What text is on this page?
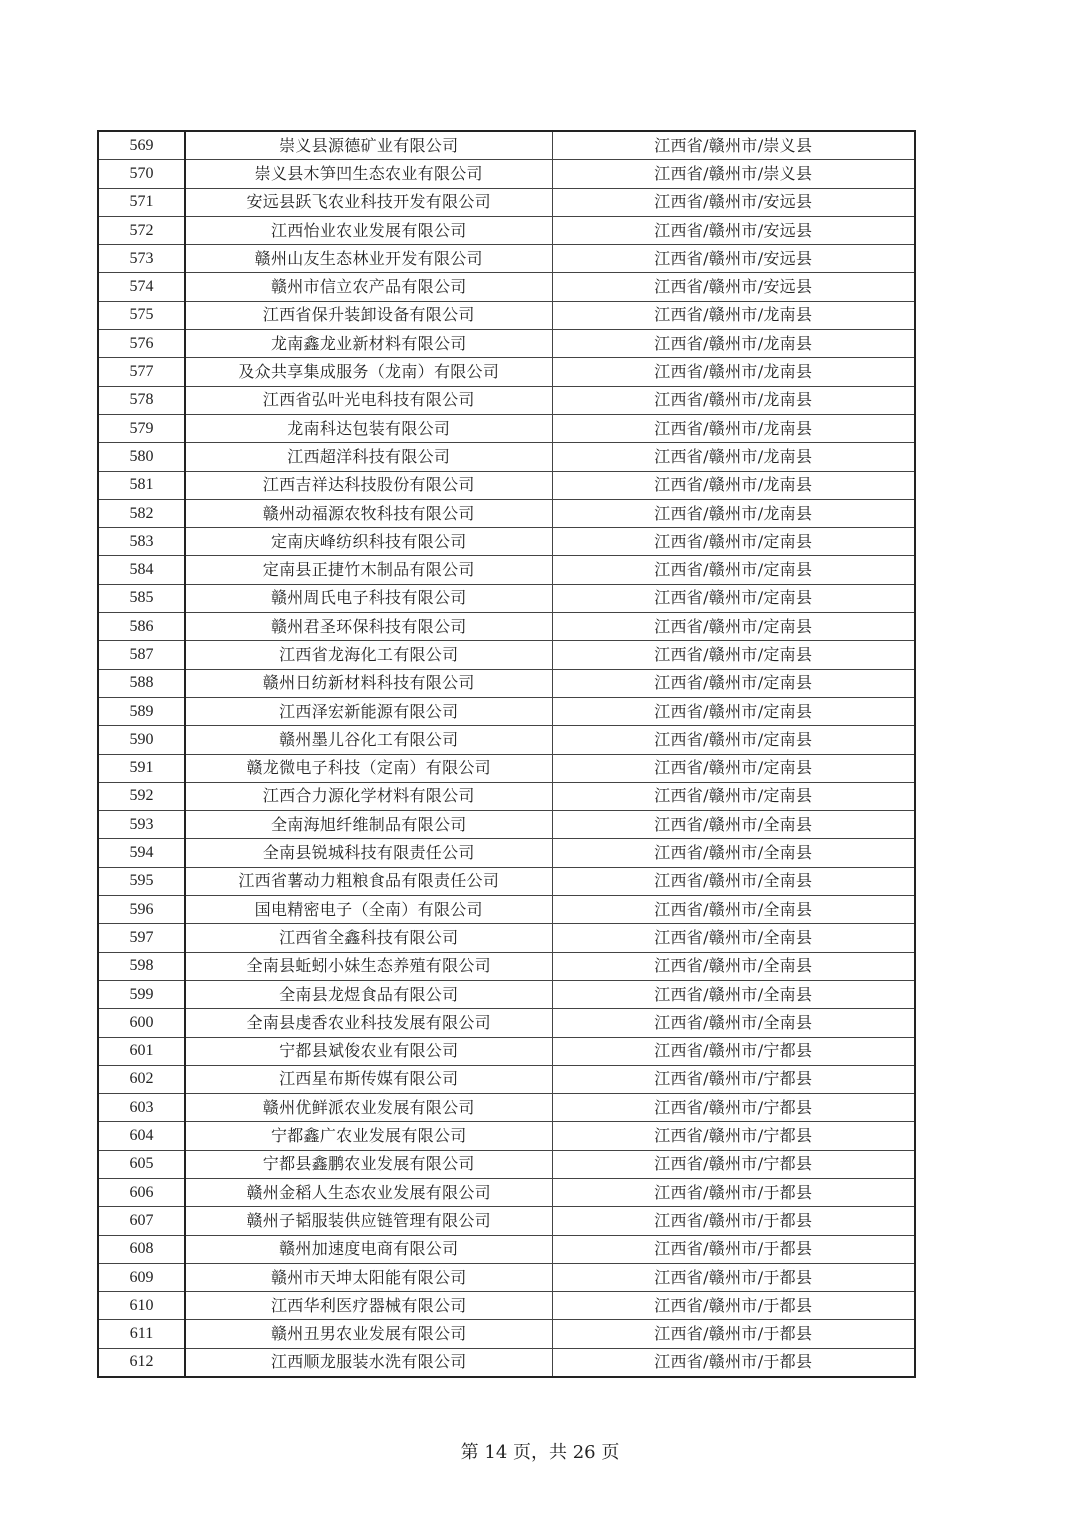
569	崇义县源德矿业有限公司	江西省/赣州市/崇义县
570	崇义县木笋凹生态农业有限公司	江西省/赣州市/崇义县
571	安远县跃飞农业科技开发有限公司	江西省/赣州市/安远县
572	江西怡业农业发展有限公司	江西省/赣州市/安远县
573	赣州山友生态林业开发有限公司	江西省/赣州市/安远县
574	赣州市信立农产品有限公司	江西省/赣州市/安远县
575	江西省保升装卸设备有限公司	江西省/赣州市/龙南县
576	龙南鑫龙业新材料有限公司	江西省/赣州市/龙南县
577	及众共享集成服务（龙南）有限公司	江西省/赣州市/龙南县
578	江西省弘叶光电科技有限公司	江西省/赣州市/龙南县
579	龙南科达包装有限公司	江西省/赣州市/龙南县
580	江西超洋科技有限公司	江西省/赣州市/龙南县
581	江西吉祥达科技股份有限公司	江西省/赣州市/龙南县
582	赣州动福源农牧科技有限公司	江西省/赣州市/龙南县
583	定南庆峰纺织科技有限公司	江西省/赣州市/定南县
584	定南县正捷竹木制品有限公司	江西省/赣州市/定南县
585	赣州周氏电子科技有限公司	江西省/赣州市/定南县
586	赣州君圣环保科技有限公司	江西省/赣州市/定南县
587	江西省龙海化工有限公司	江西省/赣州市/定南县
588	赣州日纺新材料科技有限公司	江西省/赣州市/定南县
589	江西泽宏新能源有限公司	江西省/赣州市/定南县
590	赣州墨儿谷化工有限公司	江西省/赣州市/定南县
591	赣龙微电子科技（定南）有限公司	江西省/赣州市/定南县
592	江西合力源化学材料有限公司	江西省/赣州市/定南县
593	全南海旭纤维制品有限公司	江西省/赣州市/全南县
594	全南县锐城科技有限责任公司	江西省/赣州市/全南县
595	江西省薯动力粗粮食品有限责任公司	江西省/赣州市/全南县
596	国电精密电子（全南）有限公司	江西省/赣州市/全南县
597	江西省全鑫科技有限公司	江西省/赣州市/全南县
598	全南县蚯蚓小妹生态养殖有限公司	江西省/赣州市/全南县
599	全南县龙煜食品有限公司	江西省/赣州市/全南县
600	全南县虔香农业科技发展有限公司	江西省/赣州市/全南县
601	宁都县斌俊农业有限公司	江西省/赣州市/宁都县
602	江西星布斯传媒有限公司	江西省/赣州市/宁都县
603	赣州优鲜派农业发展有限公司	江西省/赣州市/宁都县
604	宁都鑫广农业发展有限公司	江西省/赣州市/宁都县
605	宁都县鑫鹏农业发展有限公司	江西省/赣州市/宁都县
606	赣州金稻人生态农业发展有限公司	江西省/赣州市/于都县
607	赣州子韬服装供应链管理有限公司	江西省/赣州市/于都县
608	赣州加速度电商有限公司	江西省/赣州市/于都县
609	赣州市天坤太阳能有限公司	江西省/赣州市/于都县
610	江西华利医疗器械有限公司	江西省/赣州市/于都县
611	赣州丑男农业发展有限公司	江西省/赣州市/于都县
612	江西顺龙服装水洗有限公司	江西省/赣州市/于都县
第 14 页，共 26 页
